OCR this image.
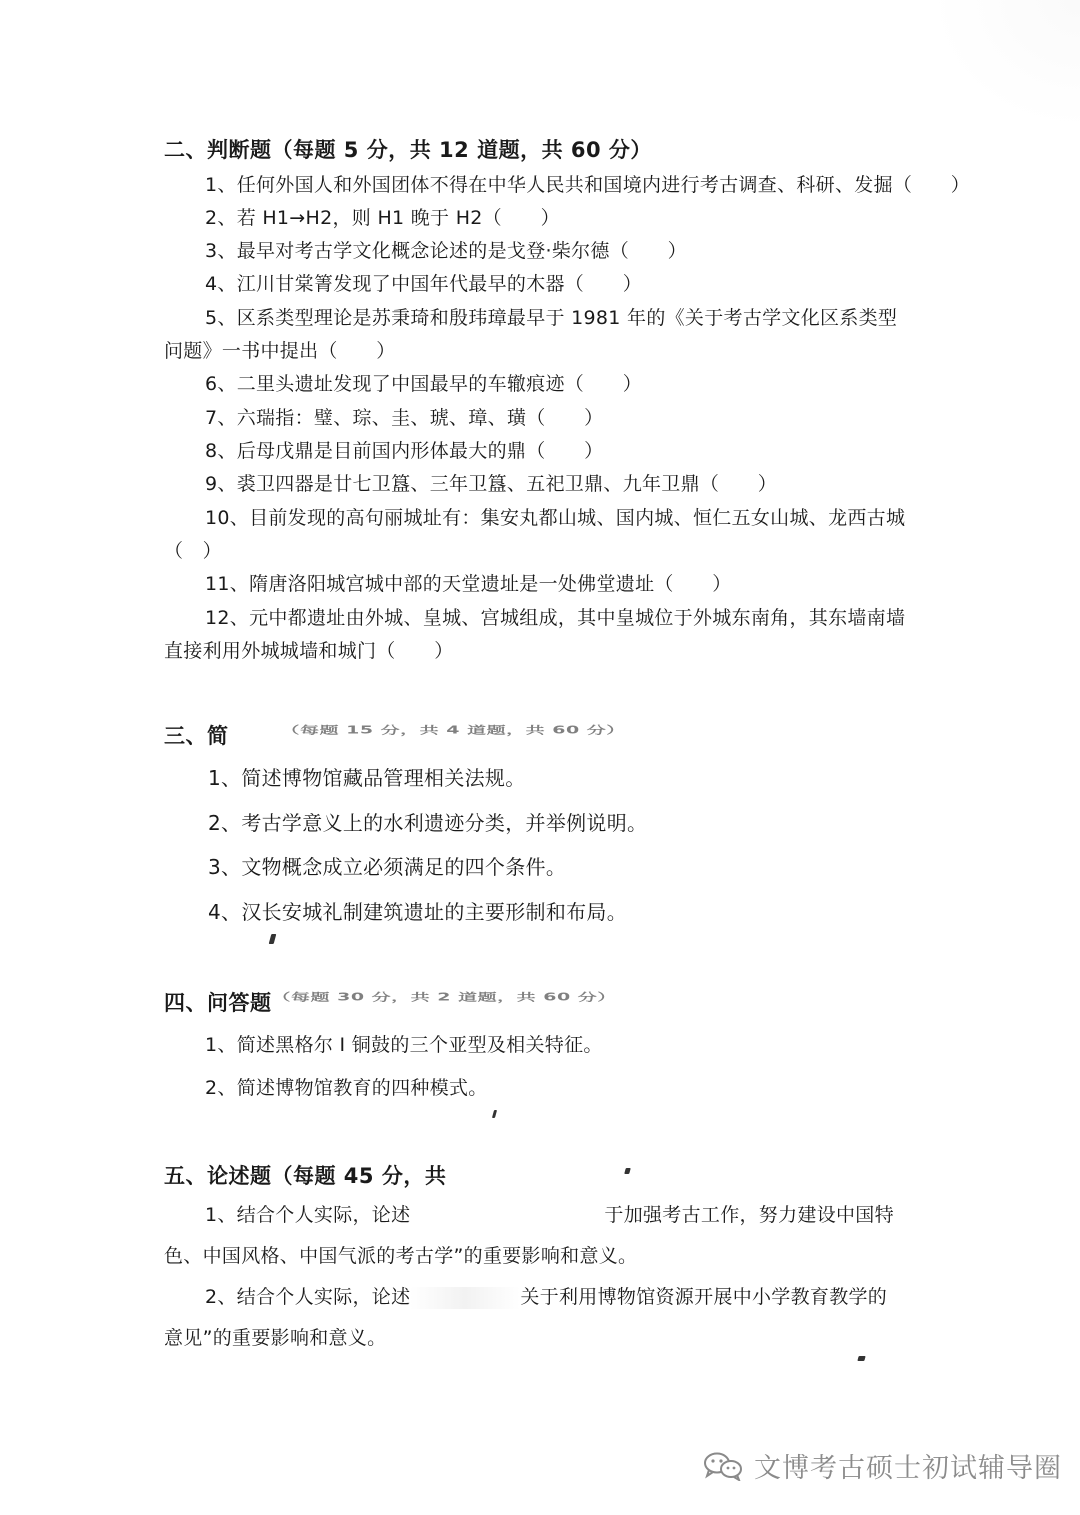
二、判断题（每题 5 分，共 12 道题，共 60 分）
1、任何外国人和外国团体不得在中华人民共和国境内进行考古调查、科研、发掘（　　）
2、若 H1→H2，则 H1 晚于 H2（　　）
3、最早对考古学文化概念论述的是戈登·柴尔德（　　）
4、江川甘棠箐发现了中国年代最早的木器（　　）
5、区系类型理论是苏秉琦和殷玮璋最早于 1981 年的《关于考古学文化区系类型
问题》一书中提出（　　）
6、二里头遗址发现了中国最早的车辙痕迹（　　）
7、六瑞指：璧、琮、圭、琥、璋、璜（　　）
8、后母戊鼎是目前国内形体最大的鼎（　　）
9、裘卫四器是廿七卫簋、三年卫簋、五祀卫鼎、九年卫鼎（　　）
10、目前发现的高句丽城址有：集安丸都山城、国内城、恒仁五女山城、龙西古城
（　）
11、隋唐洛阳城宫城中部的天堂遗址是一处佛堂遗址（　　）
12、元中都遗址由外城、皇城、宫城组成，其中皇城位于外城东南角，其东墙南墙
直接利用外城城墙和城门（　　）
三、简	（每题 15 分，共 4 道题，共 60 分）
1、简述博物馆藏品管理相关法规。
2、考古学意义上的水利遗迹分类，并举例说明。
3、文物概念成立必须满足的四个条件。
4、汉长安城礼制建筑遗址的主要形制和布局。
四、问答题（每题 30 分，共 2 道题，共 60 分）
1、简述黑格尔 I 铜鼓的三个亚型及相关特征。
2、简述博物馆教育的四种模式。
五、论述题（每题 45 分，共
1、结合个人实际，论述	于加强考古工作，努力建设中国特
色、中国风格、中国气派的考古学”的重要影响和意义。
2、结合个人实际，论述	关于利用博物馆资源开展中小学教育教学的
意见”的重要影响和意义。
文博考古硕士初试辅导圈
